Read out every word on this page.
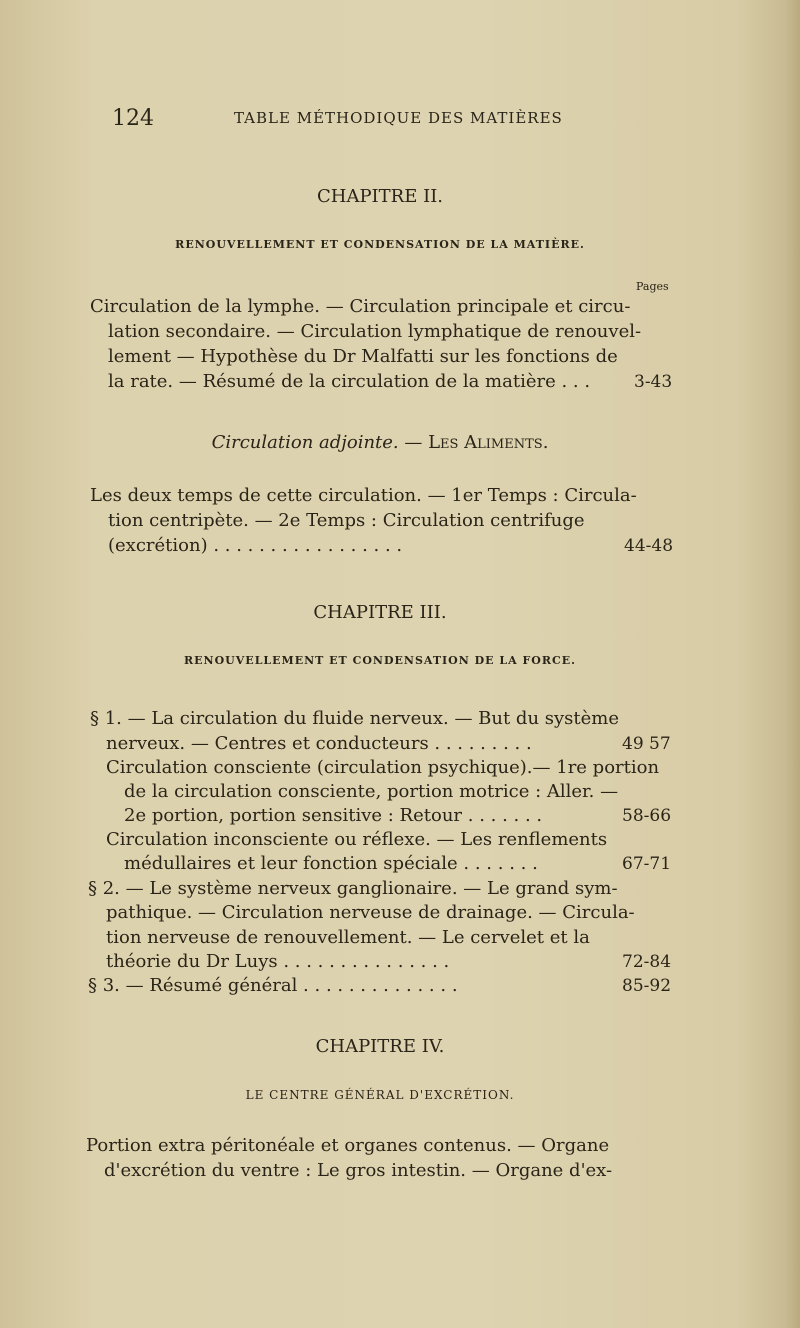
124	TABLE MÉTHODIQUE DES MATIÈRES
CHAPITRE II.
RENOUVELLEMENT ET CONDENSATION DE LA MATIÈRE.
Pages
Circulation de la lymphe. — Circulation principale et circu-
lation secondaire. — Circulation lymphatique de renouvel-
lement — Hypothèse du Dr Malfatti sur les fonctions de
la rate. — Résumé de la circulation de la matière . . .	3-43
Circulation adjointe. — Les Aliments.
Les deux temps de cette circulation. — 1er Temps : Circula-
tion centripète. — 2e Temps : Circulation centrifuge
(excrétion) . . . . . . . . . . . . . . . . .	44-48
CHAPITRE III.
RENOUVELLEMENT ET CONDENSATION DE LA FORCE.
§ 1. — La circulation du fluide nerveux. — But du système
nerveux. — Centres et conducteurs . . . . . . . . .	49 57
Circulation consciente (circulation psychique).— 1re portion
de la circulation consciente, portion motrice : Aller. —
2e portion, portion sensitive : Retour . . . . . . .	58-66
Circulation inconsciente ou réflexe. — Les renflements
médullaires et leur fonction spéciale . . . . . . .	67-71
§ 2. — Le système nerveux ganglionaire. — Le grand sym-
pathique. — Circulation nerveuse de drainage. — Circula-
tion nerveuse de renouvellement. — Le cervelet et la
théorie du Dr Luys . . . . . . . . . . . . . . .	72-84
§ 3. — Résumé général . . . . . . . . . . . . . .	85-92
CHAPITRE IV.
LE CENTRE GÉNÉRAL D'EXCRÉTION.
Portion extra péritonéale et organes contenus. — Organe
d'excrétion du ventre : Le gros intestin. — Organe d'ex-
